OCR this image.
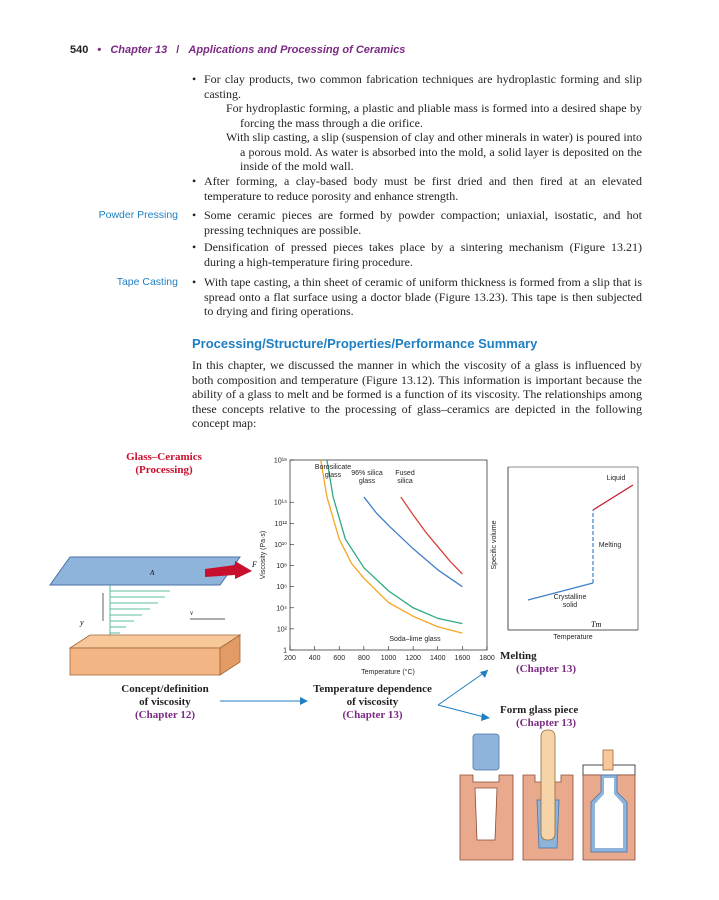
540 • Chapter 13 / Applications and Processing of Ceramics
• For clay products, two common fabrication techniques are hydroplastic forming and slip casting.
For hydroplastic forming, a plastic and pliable mass is formed into a desired shape by forcing the mass through a die orifice.
With slip casting, a slip (suspension of clay and other minerals in water) is poured into a porous mold. As water is absorbed into the mold, a solid layer is deposited on the inside of the mold wall.
• After forming, a clay-based body must be first dried and then fired at an elevated temperature to reduce porosity and enhance strength.
Powder Pressing • Some ceramic pieces are formed by powder compaction; uniaxial, isostatic, and hot pressing techniques are possible.
• Densification of pressed pieces takes place by a sintering mechanism (Figure 13.21) during a high-temperature firing procedure.
Tape Casting • With tape casting, a thin sheet of ceramic of uniform thickness is formed from a slip that is spread onto a flat surface using a doctor blade (Figure 13.23). This tape is then subjected to drying and firing operations.
Processing/Structure/Properties/Performance Summary
In this chapter, we discussed the manner in which the viscosity of a glass is influenced by both composition and temperature (Figure 13.12). This information is important because the ability of a glass to melt and be formed is a function of its viscosity. The relationships among these concepts relative to the processing of glass–ceramics are depicted in the following concept map:
Glass–Ceramics
(Processing)
F
A
y
v
Concept/definition
of viscosity
(Chapter 12)
10¹⁸
10¹⁴
10¹²
10¹⁰
10⁸
10⁶
10⁴
10²
1
200 400 600 800 1000 1200 1400 1600 1800
Viscosity (Pa·s)
Temperature (°C)
Borosilicate
glass 96% silica
glass
Fused
silica
Soda–lime glass
Specific volume
Temperature
Liquid
Melting
Crystalline
solid
Tm
Temperature dependence
of viscosity
(Chapter 13)
Melting
(Chapter 13)
Form glass piece
(Chapter 13)
